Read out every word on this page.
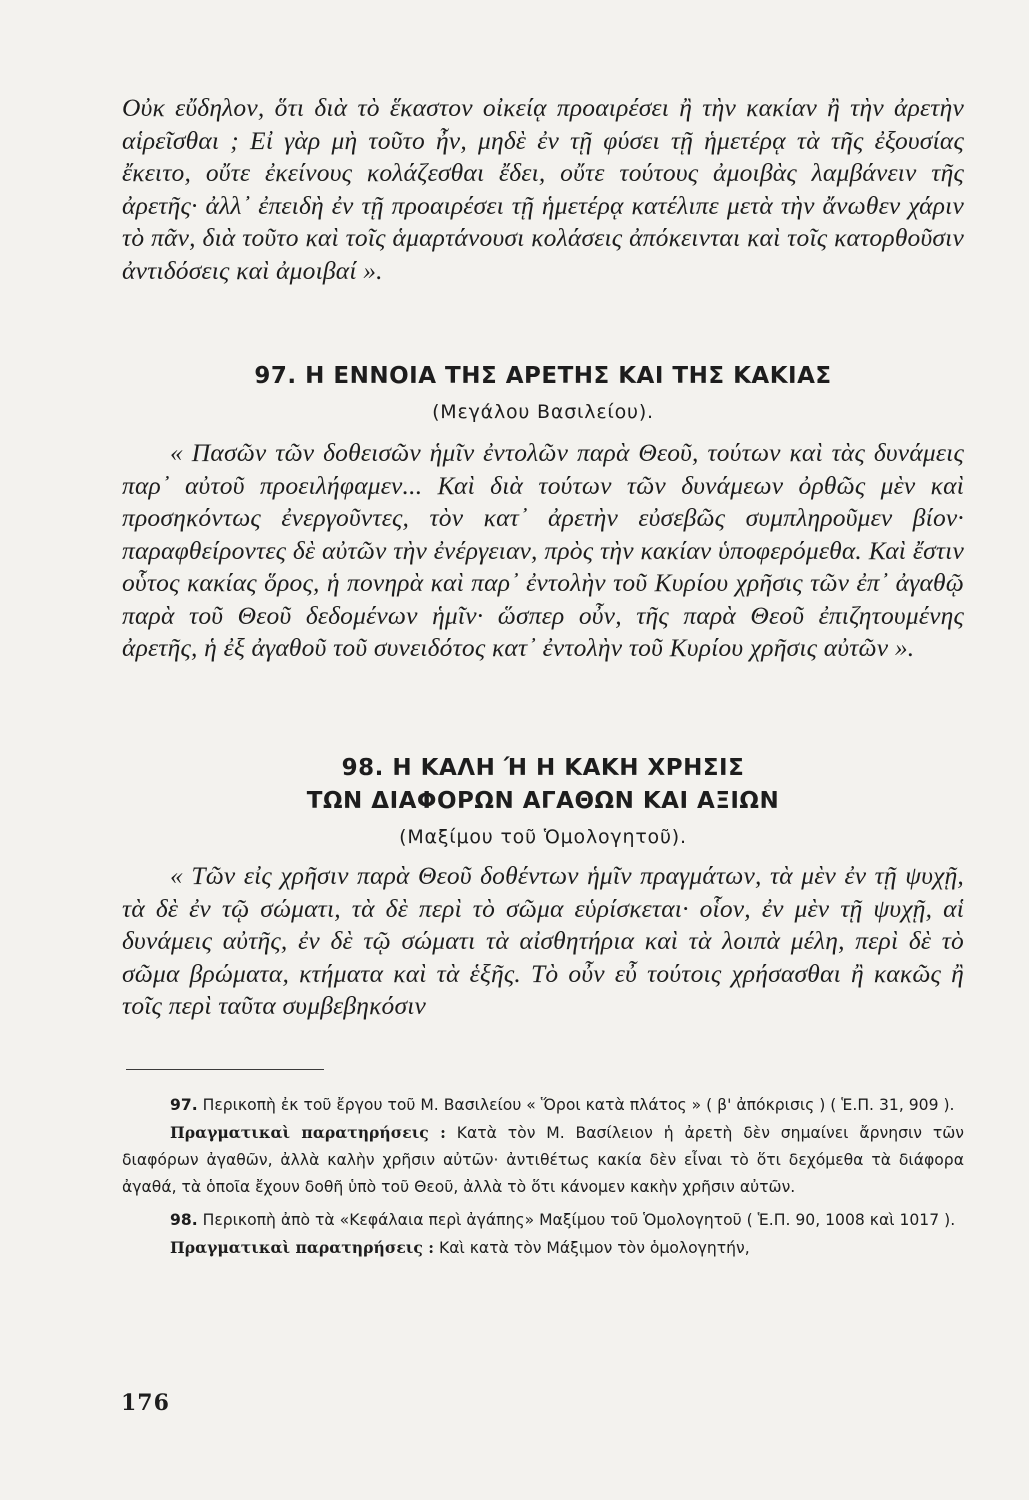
Οὐκ εὔδηλον, ὅτι διὰ τὸ ἕκαστον οἰκείᾳ προαιρέσει ἢ τὴν κακίαν ἢ τὴν ἀρετὴν αἱρεῖσθαι ; Εἰ γὰρ μὴ τοῦτο ἦν, μηδὲ ἐν τῇ φύσει τῇ ἡμετέρᾳ τὰ τῆς ἐξουσίας ἔκειτο, οὔτε ἐκείνους κολάζεσθαι ἔδει, οὔτε τούτους ἀμοιβὰς λαμβάνειν τῆς ἀρετῆς· ἀλλ᾽ ἐπειδὴ ἐν τῇ προαιρέσει τῇ ἡμετέρᾳ κατέλιπε μετὰ τὴν ἄνωθεν χάριν τὸ πᾶν, διὰ τοῦτο καὶ τοῖς ἁμαρτάνουσι κολάσεις ἀπόκεινται καὶ τοῖς κατορθοῦσιν ἀντιδόσεις καὶ ἀμοιβαί ».

97. Η ΕΝΝΟΙΑ ΤΗΣ ΑΡΕΤΗΣ ΚΑΙ ΤΗΣ ΚΑΚΙΑΣ
(Μεγάλου Βασιλείου).

« Πασῶν τῶν δοθεισῶν ἡμῖν ἐντολῶν παρὰ Θεοῦ, τούτων καὶ τὰς δυνάμεις παρ᾽ αὐτοῦ προειλήφαμεν... Καὶ διὰ τούτων τῶν δυνάμεων ὀρθῶς μὲν καὶ προσηκόντως ἐνεργοῦντες, τὸν κατ᾽ ἀρετὴν εὐσεβῶς συμπληροῦμεν βίον· παραφθείροντες δὲ αὐτῶν τὴν ἐνέργειαν, πρὸς τὴν κακίαν ὑποφερόμεθα. Καὶ ἔστιν οὗτος κακίας ὅρος, ἡ πονηρὰ καὶ παρ᾽ ἐντολὴν τοῦ Κυρίου χρῆσις τῶν ἐπ᾽ ἀγαθῷ παρὰ τοῦ Θεοῦ δεδομένων ἡμῖν· ὥσπερ οὖν, τῆς παρὰ Θεοῦ ἐπιζητουμένης ἀρετῆς, ἡ ἐξ ἀγαθοῦ τοῦ συνειδότος κατ᾽ ἐντολὴν τοῦ Κυρίου χρῆσις αὐτῶν ».

98. Η ΚΑΛΗ Ή Η ΚΑΚΗ ΧΡΗΣΙΣ
ΤΩΝ ΔΙΑΦΟΡΩΝ ΑΓΑΘΩΝ ΚΑΙ ΑΞΙΩΝ
(Μαξίμου τοῦ Ὁμολογητοῦ).

« Τῶν εἰς χρῆσιν παρὰ Θεοῦ δοθέντων ἡμῖν πραγμάτων, τὰ μὲν ἐν τῇ ψυχῇ, τὰ δὲ ἐν τῷ σώματι, τὰ δὲ περὶ τὸ σῶμα εὑρίσκεται· οἷον, ἐν μὲν τῇ ψυχῇ, αἱ δυνάμεις αὐτῆς, ἐν δὲ τῷ σώματι τὰ αἰσθητήρια καὶ τὰ λοιπὰ μέλη, περὶ δὲ τὸ σῶμα βρώματα, κτήματα καὶ τὰ ἑξῆς. Τὸ οὖν εὖ τούτοις χρήσασθαι ἢ κακῶς ἢ τοῖς περὶ ταῦτα συμβεβηκόσιν

97. Περικοπὴ ἐκ τοῦ ἔργου τοῦ Μ. Βασιλείου « Ὅροι κατὰ πλάτος » ( β' ἀπόκρισις ) ( Ἑ.Π. 31, 909 ).

Πραγματικαὶ παρατηρήσεις : Κατὰ τὸν Μ. Βασίλειον ἡ ἀρετὴ δὲν σημαίνει ἄρνησιν τῶν διαφόρων ἀγαθῶν, ἀλλὰ καλὴν χρῆσιν αὐτῶν· ἀντιθέτως κακία δὲν εἶναι τὸ ὅτι δεχόμεθα τὰ διάφορα ἀγαθά, τὰ ὁποῖα ἔχουν δοθῆ ὑπὸ τοῦ Θεοῦ, ἀλλὰ τὸ ὅτι κάνομεν κακὴν χρῆσιν αὐτῶν.

98. Περικοπὴ ἀπὸ τὰ «Κεφάλαια περὶ ἀγάπης» Μαξίμου τοῦ Ὁμολογητοῦ ( Ἑ.Π. 90, 1008 καὶ 1017 ).

Πραγματικαὶ παρατηρήσεις : Καὶ κατὰ τὸν Μάξιμον τὸν ὁμολογητήν,

176
